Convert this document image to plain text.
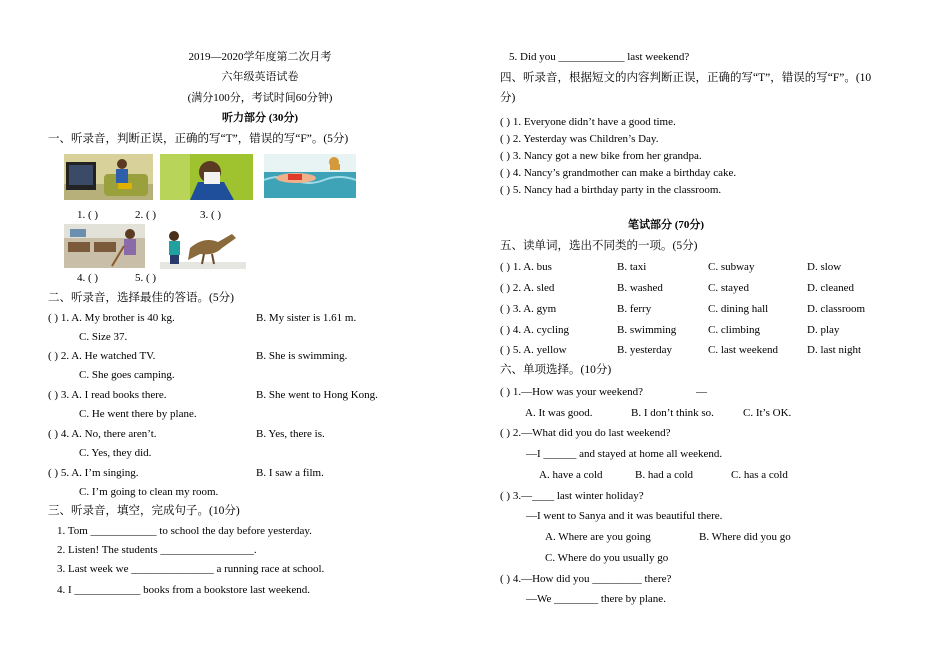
2019—2020学年度第二次月考
六年级英语试卷
(满分100分，考试时间60分钟)
听力部分 (30分)
一、听录音，判断正误，正确的写“T”，错误的写“F”。(5分)
1. ( )	2. ( )	3. ( )
4. ( )	5. ( )
二、听录音，选择最佳的答语。(5分)
( ) 1. A. My brother is 40 kg.	B. My sister is 1.61 m.
C. Size 37.
( ) 2. A. He watched TV.	B. She is swimming.
C. She goes camping.
( ) 3. A. I read books there.	B. She went to Hong Kong.
C. He went there by plane.
( ) 4. A. No, there aren’t.	B. Yes, there is.
C. Yes, they did.
( ) 5. A. I’m singing.	B. I saw a film.
C. I’m going to clean my room.
三、听录音，填空，完成句子。(10分)
1. Tom ____________ to school the day before yesterday.
2. Listen! The students _________________.
3. Last week we _______________ a running race at school.
4. I ____________ books from a bookstore last weekend.
5. Did you ____________ last weekend?
四、听录音，根据短文的内容判断正误，正确的写“T”，错误的写“F”。(10
分)
( ) 1. Everyone didn’t have a good time.
( ) 2. Yesterday was Children’s Day.
( ) 3. Nancy got a new bike from her grandpa.
( ) 4. Nancy’s grandmother can make a birthday cake.
( ) 5. Nancy had a birthday party in the classroom.
笔试部分 (70分)
五、读单词，选出不同类的一项。(5分)
( ) 1. A. bus	B. taxi	C. subway	D. slow
( ) 2. A. sled	B. washed	C. stayed	D. cleaned
( ) 3. A. gym	B. ferry	C. dining hall	D. classroom
( ) 4. A. cycling	B. swimming	C. climbing	D. play
( ) 5. A. yellow	B. yesterday	C. last weekend	D. last night
六、单项选择。(10分)
( ) 1.—How was your weekend?	—
A. It was good.	B. I don’t think so.	C. It’s OK.
( ) 2.—What did you do last weekend?
—I ______ and stayed at home all weekend.
A. have a cold	B. had a cold	C. has a cold
( ) 3.—____ last winter holiday?
—I went to Sanya and it was beautiful there.
A. Where are you going	B. Where did you go
C. Where do you usually go
( ) 4.—How did you _________ there?
—We ________ there by plane.
